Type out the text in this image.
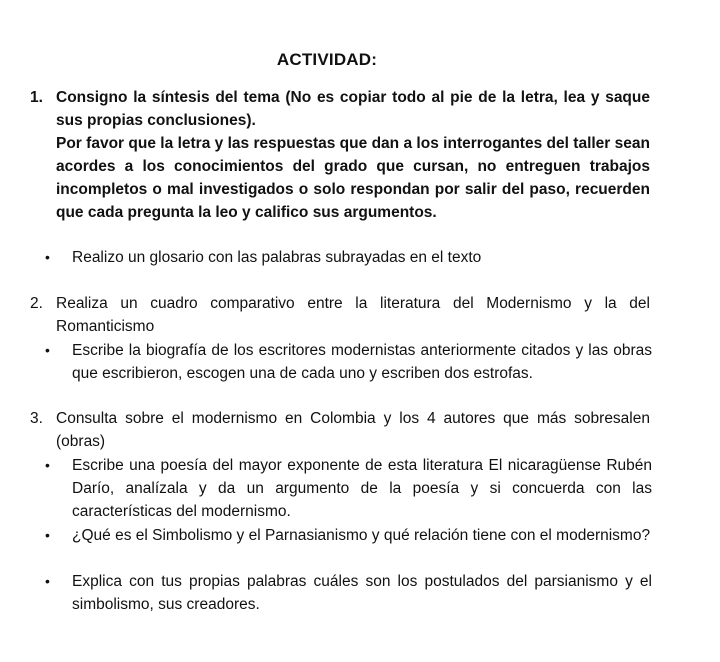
ACTIVIDAD:
1. Consigno la síntesis del tema (No es copiar todo al pie de la letra, lea y saque sus propias conclusiones).
Por favor que la letra y las respuestas que dan a los interrogantes del taller sean acordes a los conocimientos del grado que cursan, no entreguen trabajos incompletos o mal investigados o solo respondan por salir del paso, recuerden que cada pregunta la leo y califico sus argumentos.
• Realizo un glosario con las palabras subrayadas en el texto
2. Realiza un cuadro comparativo entre la literatura del Modernismo y la del Romanticismo
• Escribe la biografía de los escritores modernistas anteriormente citados y las obras que escribieron, escogen una de cada uno y escriben dos estrofas.
3. Consulta sobre el modernismo en Colombia y los 4 autores que más sobresalen (obras)
• Escribe una poesía del mayor exponente de esta literatura El nicaragüense Rubén Darío, analízala y da un argumento de la poesía y si concuerda con las características del modernismo.
• ¿Qué es el Simbolismo y el Parnasianismo y qué relación tiene con el modernismo?
• Explica con tus propias palabras cuáles son los postulados del parsianismo y el simbolismo, sus creadores.
